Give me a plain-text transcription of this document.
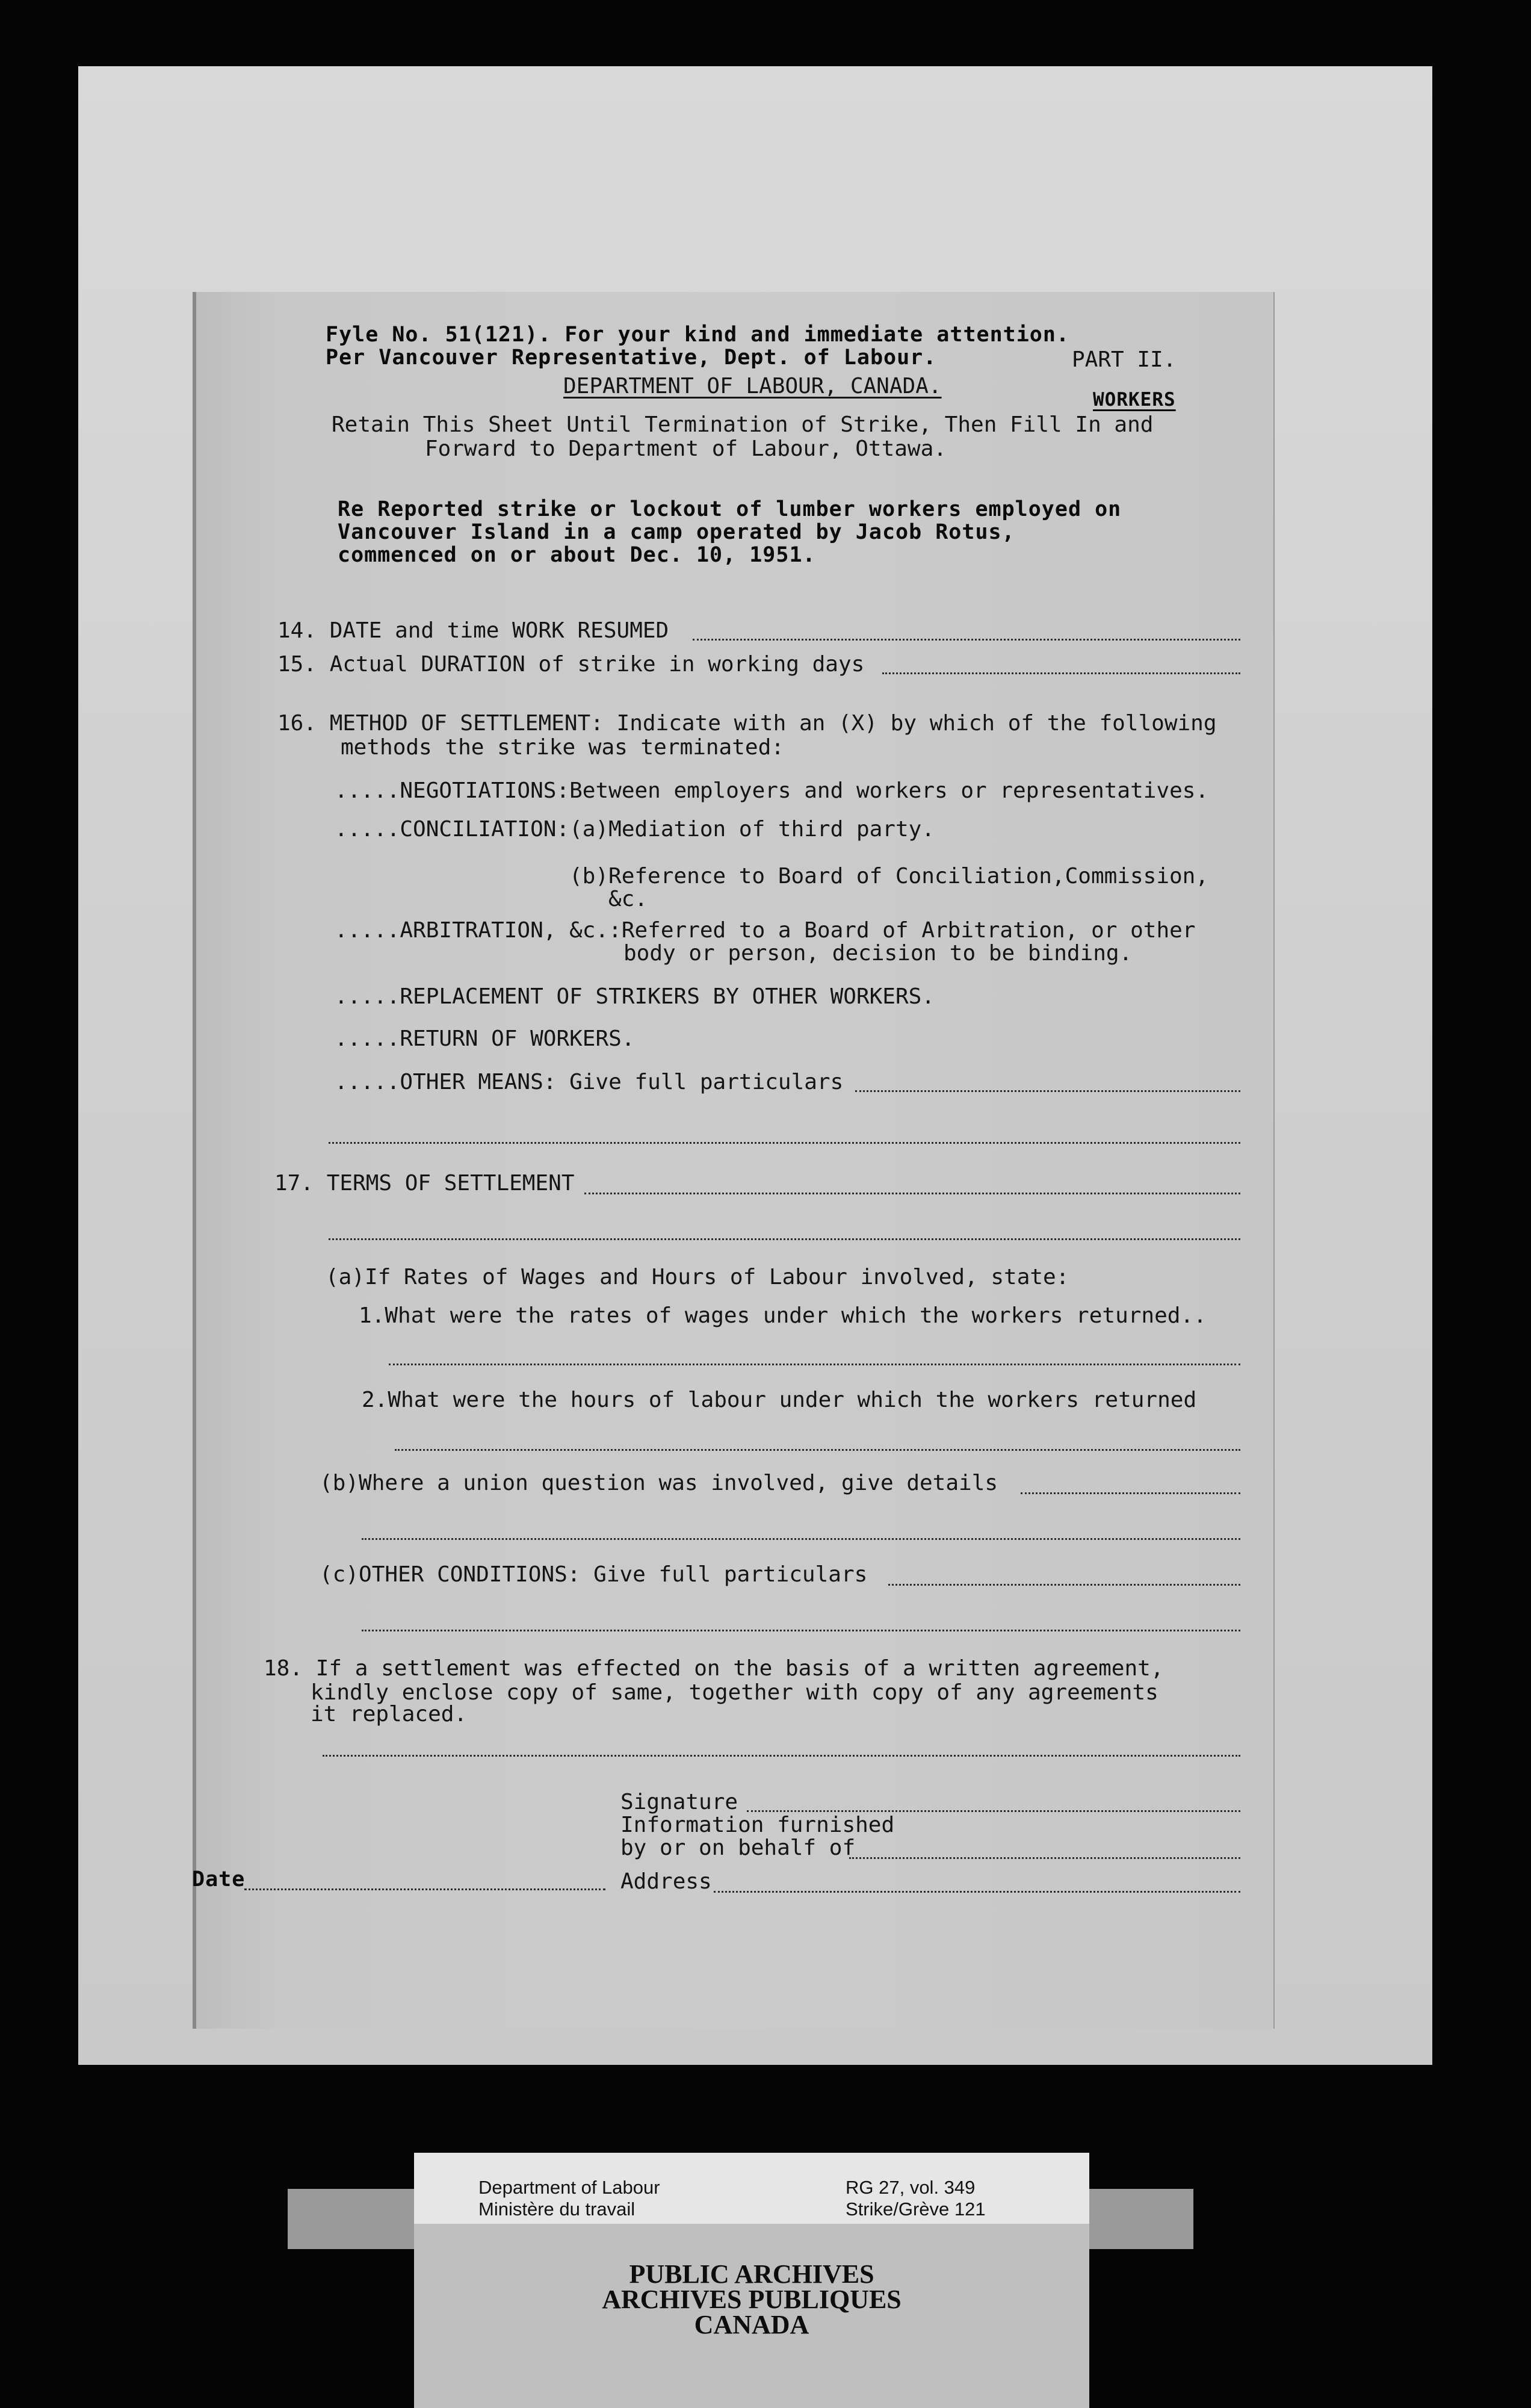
Fyle No. 51(121). For your kind and immediate attention.
Per Vancouver Representative, Dept. of Labour.	PART II.
DEPARTMENT OF LABOUR, CANADA.
WORKERS
Retain This Sheet Until Termination of Strike, Then Fill In and
Forward to Department of Labour, Ottawa.
Re Reported strike or lockout of lumber workers employed on
Vancouver Island in a camp operated by Jacob Rotus,
commenced on or about Dec. 10, 1951.
14. DATE and time WORK RESUMED
15. Actual DURATION of strike in working days
16. METHOD OF SETTLEMENT: Indicate with an (X) by which of the following
methods the strike was terminated:
.....NEGOTIATIONS:Between employers and workers or representatives.
.....CONCILIATION:(a)Mediation of third party.
(b)Reference to Board of Conciliation,Commission,
&c.
.....ARBITRATION, &c.:Referred to a Board of Arbitration, or other
body or person, decision to be binding.
.....REPLACEMENT OF STRIKERS BY OTHER WORKERS.
.....RETURN OF WORKERS.
.....OTHER MEANS: Give full particulars
17. TERMS OF SETTLEMENT
(a)If Rates of Wages and Hours of Labour involved, state:
1.What were the rates of wages under which the workers returned..
2.What were the hours of labour under which the workers returned
(b)Where a union question was involved, give details
(c)OTHER CONDITIONS: Give full particulars
18. If a settlement was effected on the basis of a written agreement,
kindly enclose copy of same, together with copy of any agreements
it replaced.
Signature
Information furnished
by or on behalf of
Date	Address
Department of Labour
Ministère du travail
RG 27, vol. 349
Strike/Grève 121
PUBLIC ARCHIVES
ARCHIVES PUBLIQUES
CANADA
